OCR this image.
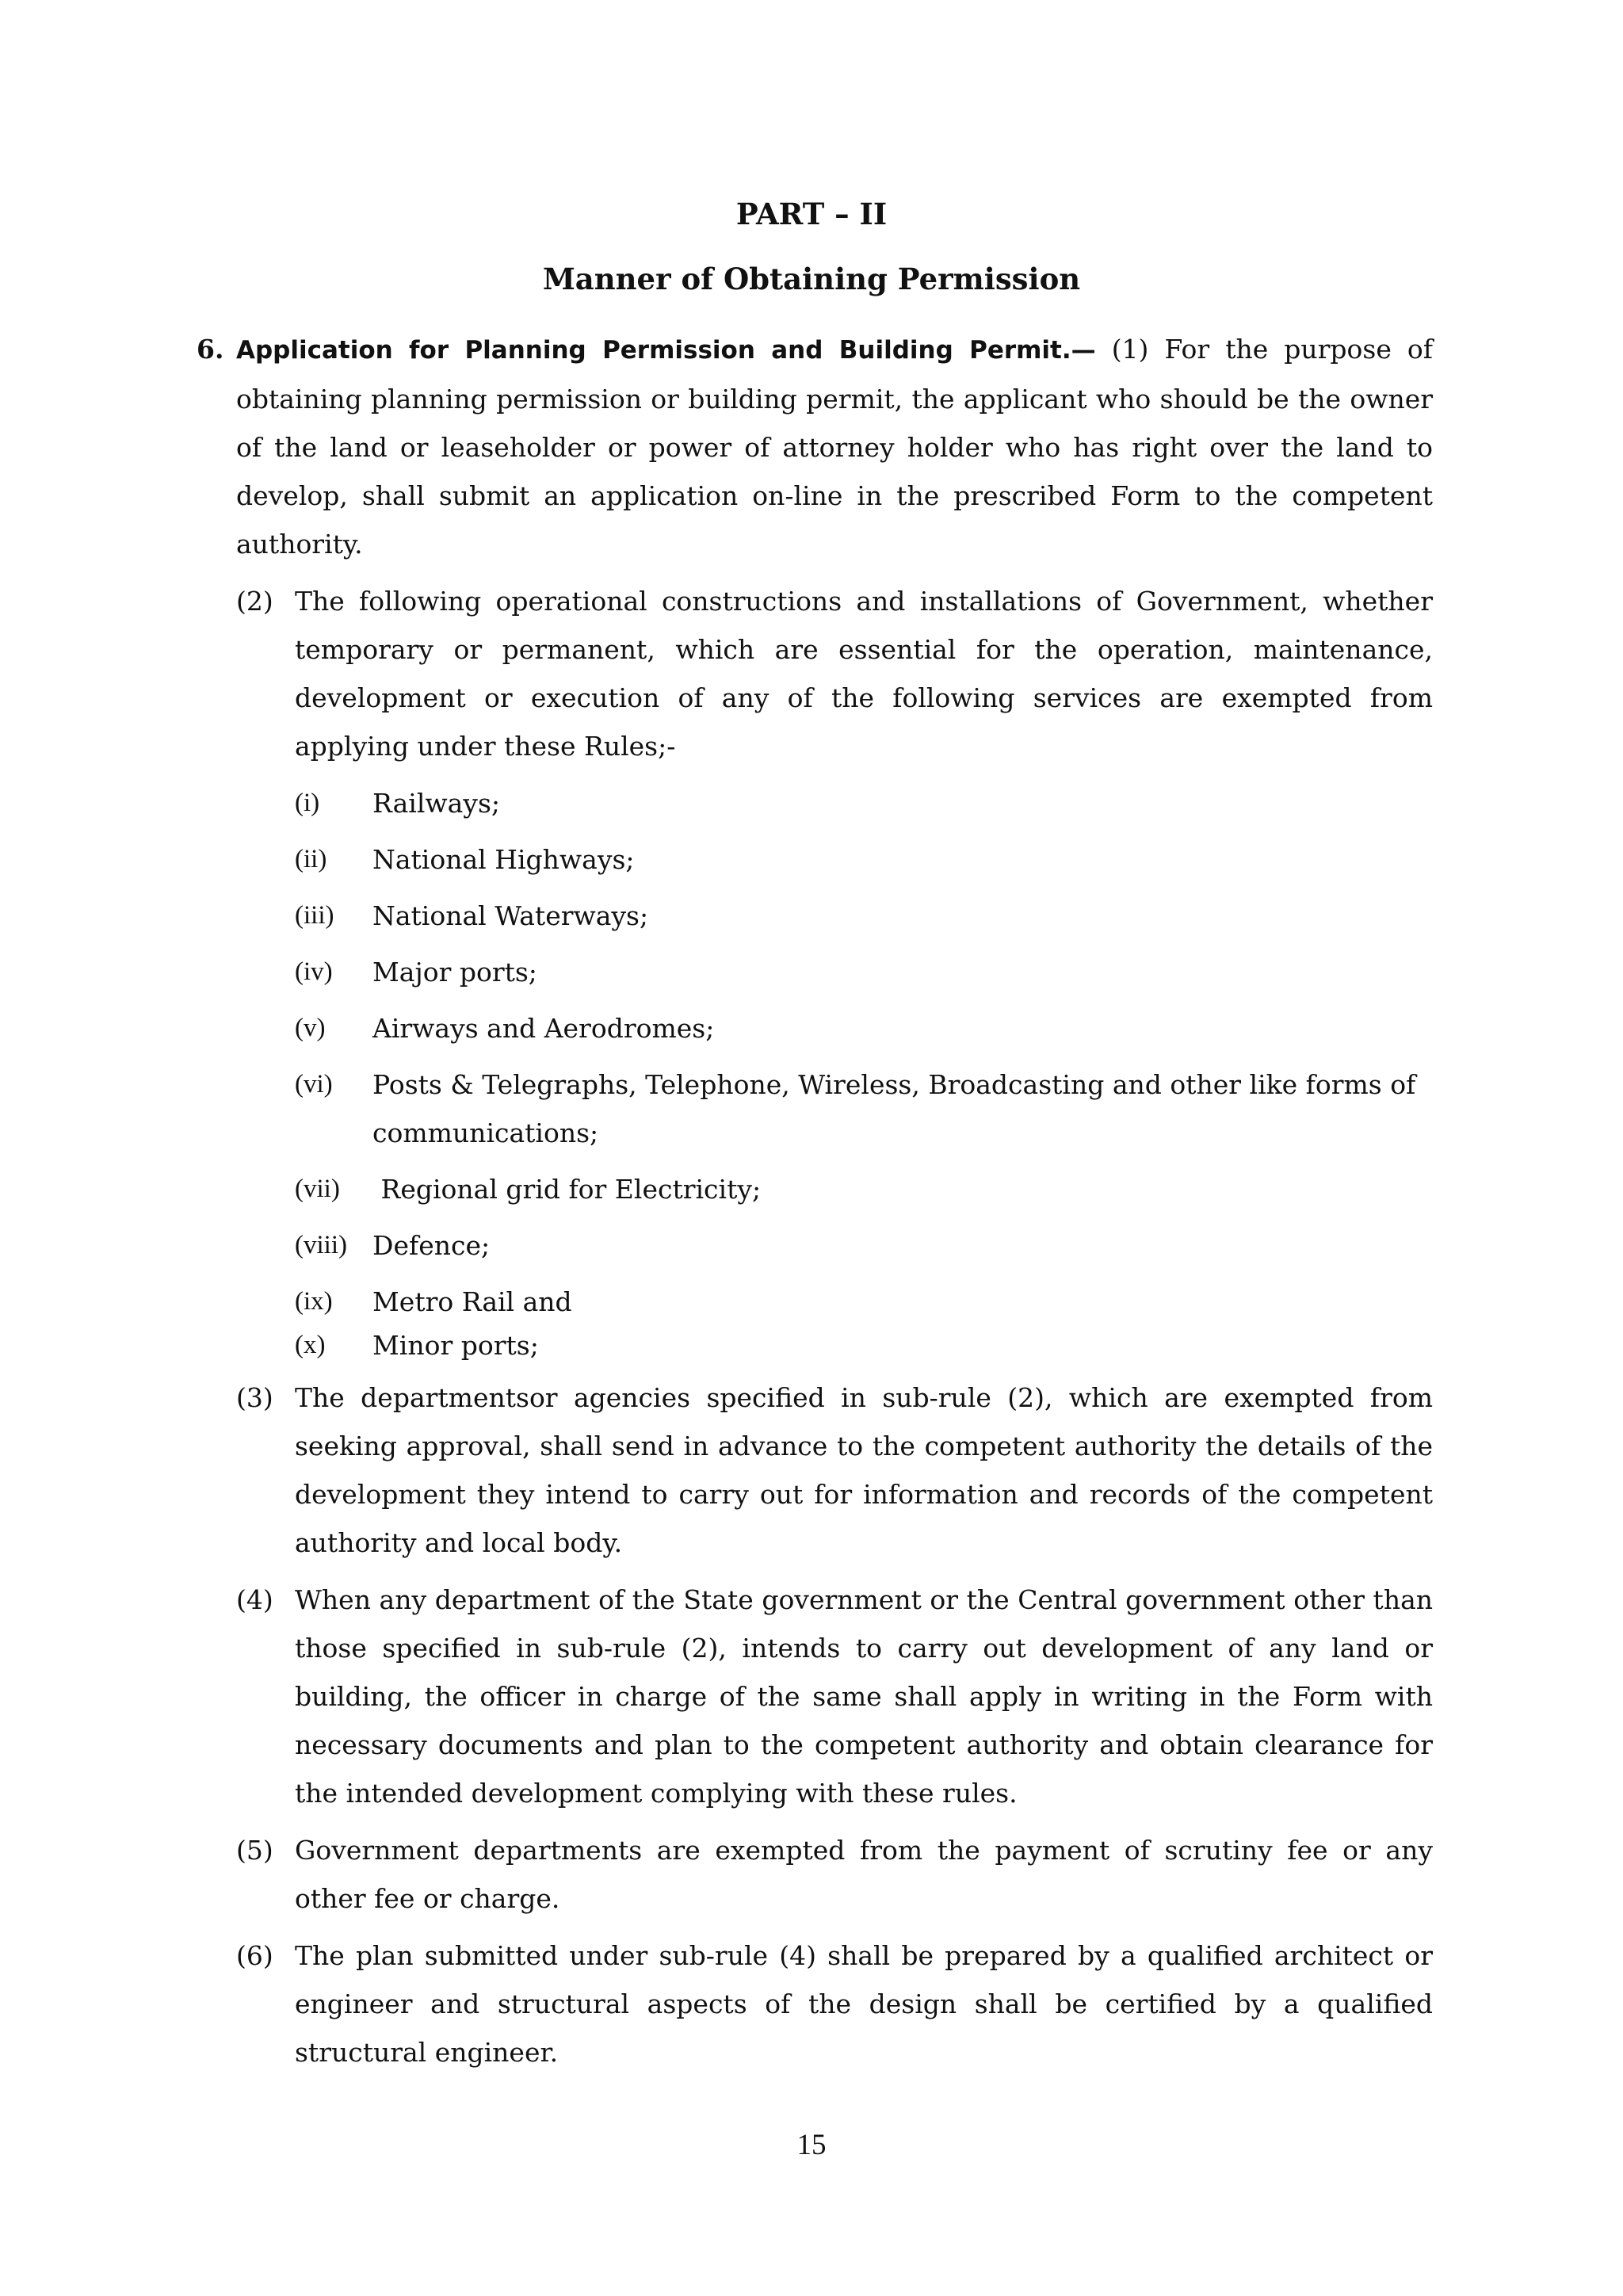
PART – II
Manner of Obtaining Permission
6. Application for Planning Permission and Building Permit.— (1) For the purpose of obtaining planning permission or building permit, the applicant who should be the owner of the land or leaseholder or power of attorney holder who has right over the land to develop, shall submit an application on-line in the prescribed Form to the competent authority.
(2) The following operational constructions and installations of Government, whether temporary or permanent, which are essential for the operation, maintenance, development or execution of any of the following services are exempted from applying under these Rules;-
(i) Railways;
(ii) National Highways;
(iii) National Waterways;
(iv) Major ports;
(v) Airways and Aerodromes;
(vi) Posts & Telegraphs, Telephone, Wireless, Broadcasting and other like forms of communications;
(vii) Regional grid for Electricity;
(viii) Defence;
(ix) Metro Rail and
(x) Minor ports;
(3) The departmentsor agencies specified in sub-rule (2), which are exempted from seeking approval, shall send in advance to the competent authority the details of the development they intend to carry out for information and records of the competent authority and local body.
(4) When any department of the State government or the Central government other than those specified in sub-rule (2), intends to carry out development of any land or building, the officer in charge of the same shall apply in writing in the Form with necessary documents and plan to the competent authority and obtain clearance for the intended development complying with these rules.
(5) Government departments are exempted from the payment of scrutiny fee or any other fee or charge.
(6) The plan submitted under sub-rule (4) shall be prepared by a qualified architect or engineer and structural aspects of the design shall be certified by a qualified structural engineer.
15
